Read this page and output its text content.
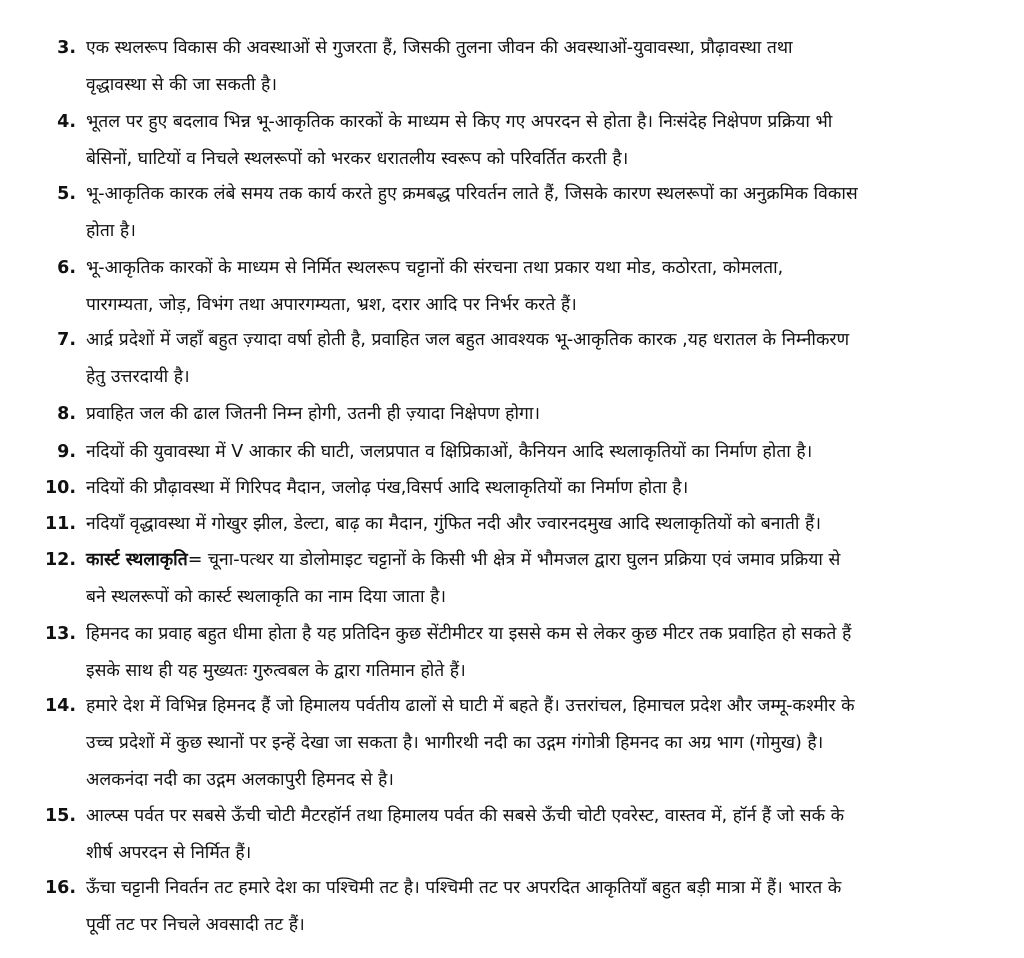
3. एक स्थलरूप विकास की अवस्थाओं से गुजरता हैं, जिसकी तुलना जीवन की अवस्थाओं-युवावस्था, प्रौढ़ावस्था तथा
वृद्धावस्था से की जा सकती है।
4. भूतल पर हुए बदलाव भिन्न भू-आकृतिक कारकों के माध्यम से किए गए अपरदन से होता है। निःसंदेह निक्षेपण प्रक्रिया भी
बेसिनों, घाटियों व निचले स्थलरूपों को भरकर धरातलीय स्वरूप को परिवर्तित करती है।
5. भू-आकृतिक कारक लंबे समय तक कार्य करते हुए क्रमबद्ध परिवर्तन लाते हैं, जिसके कारण स्थलरूपों का अनुक्रमिक विकास
होता है।
6. भू-आकृतिक कारकों के माध्यम से निर्मित स्थलरूप चट्टानों की संरचना तथा प्रकार यथा मोड, कठोरता, कोमलता,
पारगम्यता, जोड़, विभंग तथा अपारगम्यता, भ्रश, दरार आदि पर निर्भर करते हैं।
7. आर्द्र प्रदेशों में जहाँ बहुत ज़्यादा वर्षा होती है, प्रवाहित जल बहुत आवश्यक भू-आकृतिक कारक ,यह धरातल के निम्नीकरण
हेतु उत्तरदायी है।
8. प्रवाहित जल की ढाल जितनी निम्न होगी, उतनी ही ज़्यादा निक्षेपण होगा।
9. नदियों की युवावस्था में V आकार की घाटी, जलप्रपात व क्षिप्रिकाओं, कैनियन आदि स्थलाकृतियों का निर्माण होता है।
10. नदियों की प्रौढ़ावस्था में गिरिपद मैदान, जलोढ़ पंख,विसर्प आदि स्थलाकृतियों का निर्माण होता है।
11. नदियाँ वृद्धावस्था में गोखुर झील, डेल्टा, बाढ़ का मैदान, गुंफित नदी और ज्वारनदमुख आदि स्थलाकृतियों को बनाती हैं।
12. कार्स्ट स्थलाकृति= चूना-पत्थर या डोलोमाइट चट्टानों के किसी भी क्षेत्र में भौमजल द्वारा घुलन प्रक्रिया एवं जमाव प्रक्रिया से
बने स्थलरूपों को कार्स्ट स्थलाकृति का नाम दिया जाता है।
13. हिमनद का प्रवाह बहुत धीमा होता है यह प्रतिदिन कुछ सेंटीमीटर या इससे कम से लेकर कुछ मीटर तक प्रवाहित हो सकते हैं
इसके साथ ही यह मुख्यतः गुरुत्वबल के द्वारा गतिमान होते हैं।
14. हमारे देश में विभिन्न हिमनद हैं जो हिमालय पर्वतीय ढालों से घाटी में बहते हैं। उत्तरांचल, हिमाचल प्रदेश और जम्मू-कश्मीर के
उच्च प्रदेशों में कुछ स्थानों पर इन्हें देखा जा सकता है। भागीरथी नदी का उद्गम गंगोत्री हिमनद का अग्र भाग (गोमुख) है।
अलकनंदा नदी का उद्गम अलकापुरी हिमनद से है।
15. आल्प्स पर्वत पर सबसे ऊँची चोटी मैटरहॉर्न तथा हिमालय पर्वत की सबसे ऊँची चोटी एवरेस्ट, वास्तव में, हॉर्न हैं जो सर्क के
शीर्ष अपरदन से निर्मित हैं।
16. ऊँचा चट्टानी निवर्तन तट हमारे देश का पश्चिमी तट है। पश्चिमी तट पर अपरदित आकृतियाँ बहुत बड़ी मात्रा में हैं। भारत के
पूर्वी तट पर निचले अवसादी तट हैं।
